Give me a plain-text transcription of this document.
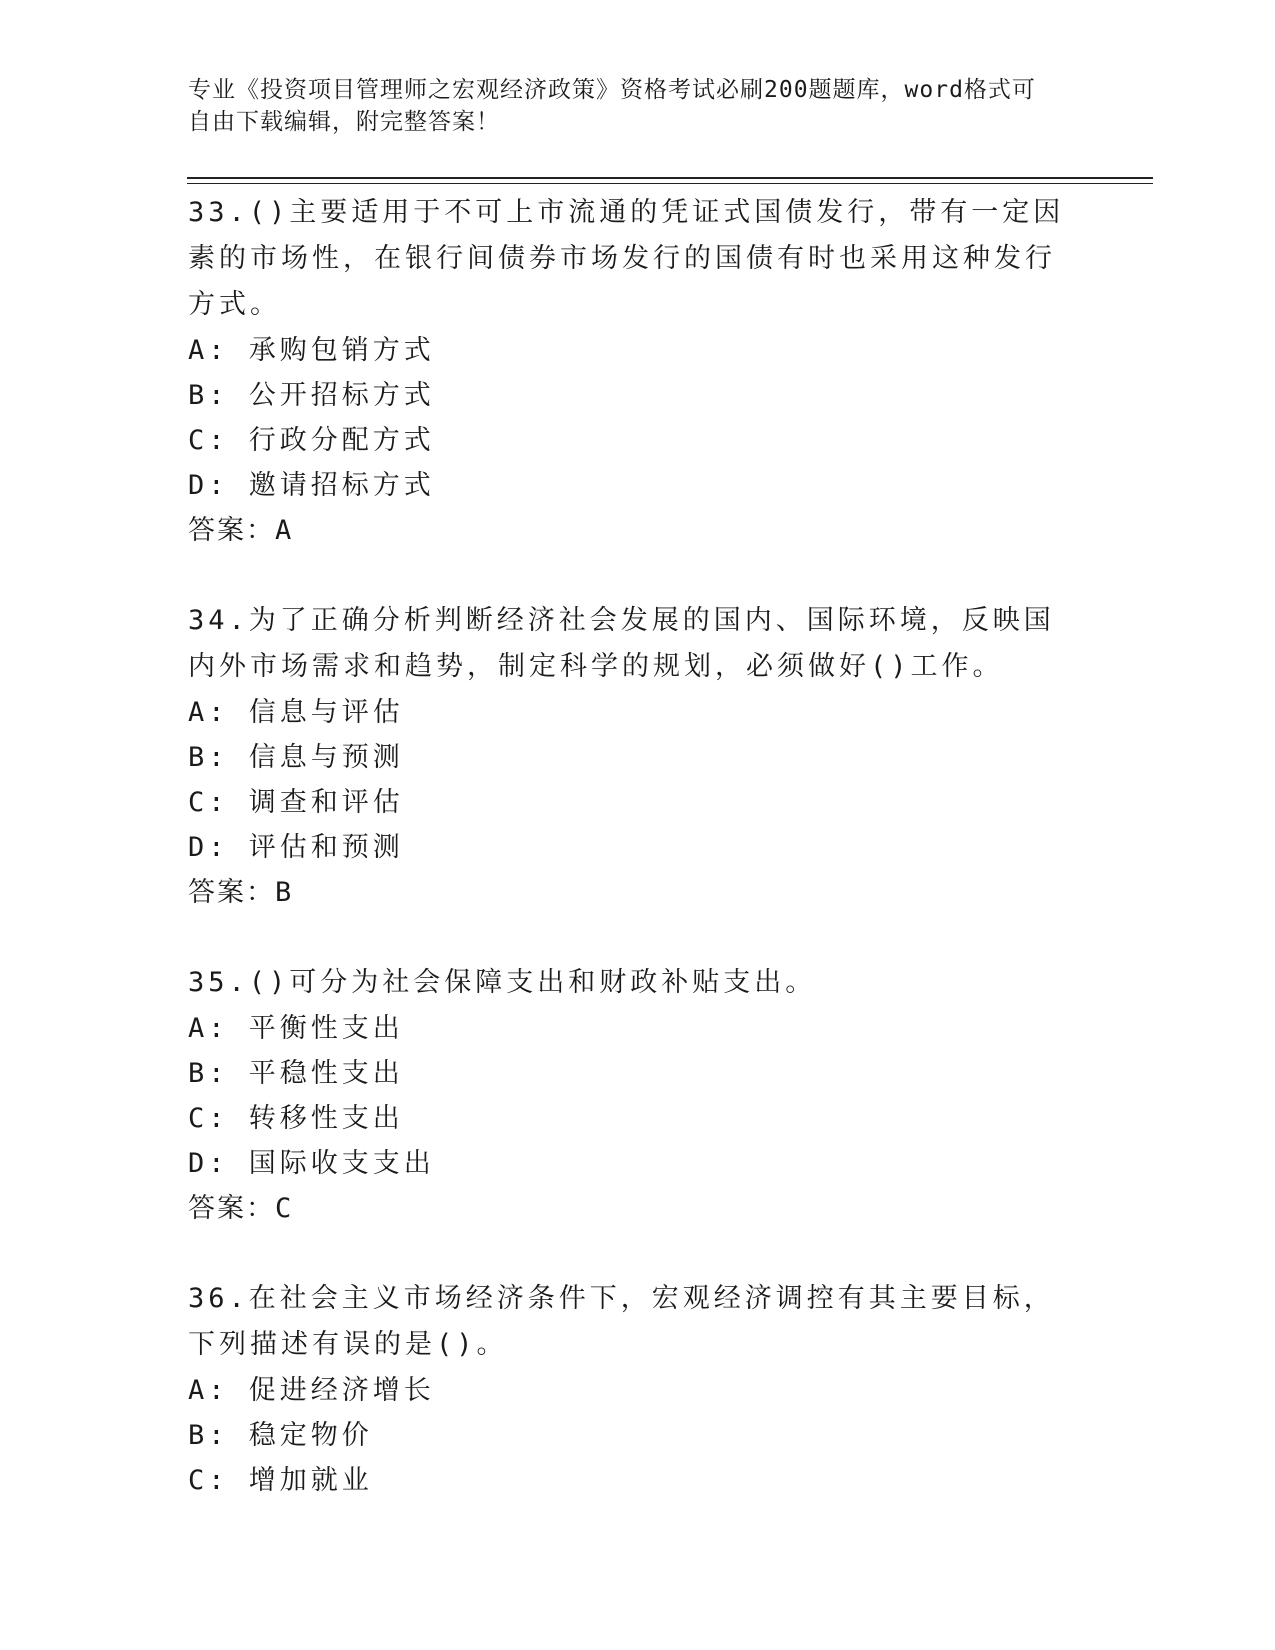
专业《投资项目管理师之宏观经济政策》资格考试必刷200题题库，word格式可
自由下载编辑，附完整答案！

33.()主要适用于不可上市流通的凭证式国债发行，带有一定因素的市场性，在银行间债券市场发行的国债有时也采用这种发行方式。

A: 承购包销方式

B: 公开招标方式

C: 行政分配方式

D: 邀请招标方式

答案：A

34.为了正确分析判断经济社会发展的国内、国际环境，反映国内外市场需求和趋势，制定科学的规划，必须做好()工作。

A: 信息与评估

B: 信息与预测

C: 调查和评估

D: 评估和预测

答案：B

35.()可分为社会保障支出和财政补贴支出。

A: 平衡性支出

B: 平稳性支出

C: 转移性支出

D: 国际收支支出

答案：C

36.在社会主义市场经济条件下，宏观经济调控有其主要目标，下列描述有误的是()。

A: 促进经济增长

B: 稳定物价

C: 增加就业
